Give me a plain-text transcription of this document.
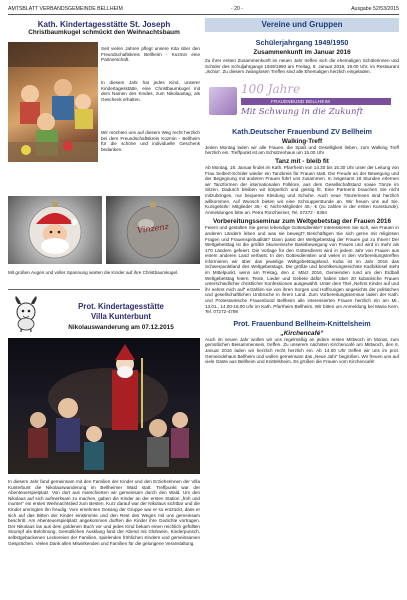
AMTSBLATT VERBANDSGEMEINDE BELLHEIM	- 20 -	Ausgabe 52/53/2015
Kath. Kindertagesstätte St. Joseph
Christbaumkugel schmückt den Weihnachtsbaum
Seit vielen Jahren pflegt unsere Kita über den Freundschaftskreis Bellheim - Kozmin eine Partnerschaft.
In diesem Jahr hat jedes Kind, unserer Kindertagesstätte, eine Christbaumkugel mit dem Namen des Kindes, zum Nikolaustag, als Geschenk erhalten.
Wir möchten uns auf diesem Weg recht herzlich bei dem Freundschaftskreis Kozmin - Bellheim für die schöne und individuelle Geschenk bedanken.
Vinzenz
Mit großen Augen und voller Spannung warten die Kinder auf ihre Christbaumkugel.
Prot. Kindertagesstätte
Villa Kunterbunt
Nikolauswanderung am 07.12.2015
In diesem Jahr fand gemeinsam mit den Familien der Kinder und den Erzieherinnen der Villa Kunterbunt die Nikolauswanderung im Bellheimer Wald statt. Treffpunkt war der Abenteuerspielplatz. Von dort aus marschierten wir gemeinsam durch den Wald. Um den Nikolaus auf sich aufmerksam zu machen, gaben die Kinder an der ersten Station „froh und munter“ ein erstes Weihnachtslied zum Besten. Kurz darauf war der Nikolaus sichtbar und die Kinder umringten ihn freudig. Vom ersehnten Gesang der Gruppe war er so entzückt, dass er sich auf das Bitten der Kinder einstimmte und den Rest des Weges mit uns gemeinsam beschritt. Am Abenteuerspielplatz angekommen durften die Kinder ihre Gedichte vortragen. Der Nikolaus las aus dem goldenen Buch vor und jedes Kind bekam einen reichlich gefüllten Strumpf als Belohnung. Gemütlichen Ausklang fand der Abend mit Glühwein, Kinderpunsch, selbstgebackenen Leckereien der Familien, spielenden fröhlichen Kindern und gemeinsamen Gesprächen. Vielen Dank allen Mitwirkenden und Familien für die gelungene Veranstaltung.
Vereine und Gruppen
Schülerjahrgang 1949/1950
Zusammenkunft im Januar 2016
Zu ihrer ersten Zusammenkunft im neuen Jahr treffen sich die ehemaligen Schülerinnen und Schüler des Schuljahrgangs 1949/1950 am Freitag, 8. Januar 2016, 19.00 Uhr, im Restaurant „Ischia“. Zu diesem zwanglosen Treffen sind alle Ehemaligen herzlich eingeladen.
100 Jahre
FRAUENBUND BELLHEIM
Mit Schwung in die Zukunft
Kath.Deutscher Frauenbund ZV Bellheim
Walking-Treff
Jeden Montag laden wir alle Frauen, die Spaß und Geselligkeit lieben, zum Walking Treff herzlich ein. Treffpunkt ist am Schützenhaus um 15.00 Uhr
Tanz mit - bleib fit
Ab Montag, 18. Januar findet im Kath. Pfarrheim von 14.30 bis 15.30 Uhr unter der Leitung von Frau Seibert-Schüler wieder ein Tanzkreis für Frauen statt. Die Freude an der Bewegung und der Begegnung mit anderen Frauen führt uns zusammen. In insgesamt 18 Stunden erlernen wir Tanzformen der internationalen Folklore, aus dem Gesellschaftstanz sowie Tänze im Sitzen. Dadurch bleiben wir körperlich und geistig fit. Eine Partnerin brauchen Sie nicht mitzubringen, nur bequeme Kleidung und Schuhe. Auch neue Tänzerinnen sind herzlich willkommen. Auf Wunsch bieten wir eine Schnupperstunde an. Wir freuen uns auf Sie. Kursgebühr: Mitglieder 36,- €; Nicht-Mitglieder 45,- € (zu zahlen in der ersten Kursstunde). Anmeldungen bitte an: Petra Ronzheimer, Tel. 07272 - 6364
Vorbereitungsseminar zum Weltgebetstag der Frauen 2016
Feiern und gestalten Sie gerne lebendige Gottesdienste? Interessieren Sie sich, wie Frauen in anderen Ländern leben und was sie bewegt? Beschäftigen Sie sich gerne mit religiösen Fragen und Frauenspiritualität? Dann passt der Weltgebetstag der Frauen gut zu Ihnen! Der Weltgebetstag ist die größte ökumenische Basisbewegung von Frauen und wird in mehr als 170 Ländern gefeiert. Die Vorlage für den Gottesdienst wird in jedem Jahr von Frauen aus einem anderen Land verfasst. In den Gottesdiensten und vielen in den Vorbereitungstreffen informieren wir über das jeweilige Weltgebetstagsland. Kuba ist im Jahr 2016 das Schwerpunktland des Weltgebetstags. Die größte und bevölkerungsreichste Karibikinsel steht im Mittelpunkt, wenn am Freitag, den 4. März 2016, Gemeinden rund um den Erdball Weltgebetstag feiern. Texte, Lieder und Gebete dafür haben über 20 kubanische Frauen unterschiedlicher christlicher Konfessionen ausgewählt. Unter dem Titel „Nehmt Kinder auf und ihr nehmt mich auf“ erzählen sie von ihren Sorgen und Hoffnungen angesichts der politischen und gesellschaftlichen Umbrüche in ihrem Land. Zum Vorbereitungsseminar laden der Kath. und Protestantische Frauenbund Bellheim alle interessierten Frauen herzlich ein am Mi., 13.01., 14.00-18.00 Uhr im Kath. Pfarrheim Bellheim. Wir bitten um Anmeldung bei Maria Kern, Tel. 07272-4798
Prot. Frauenbund Bellheim-Knittelsheim
„Kirchencafé“
Auch im neuen Jahr wollen wir uns regelmäßig an jedem ersten Mittwoch im Monat, zum gemütlichen Beisammensein, treffen. Zu unserem nächsten Kirchencafé am Mittwoch, den 6. Januar 2016 laden wir herzlich recht herzlich ein. Ab 14.00 Uhr treffen wir uns im prot. Gemeindehaus Bellheim und wollen gemeinsam das „Neue Jahr“ begrüßen. Wir freuen uns auf viele Gäste aus Bellheim und Knittelsheim. Es grüßen die Frauen vom Kirchencafé!
